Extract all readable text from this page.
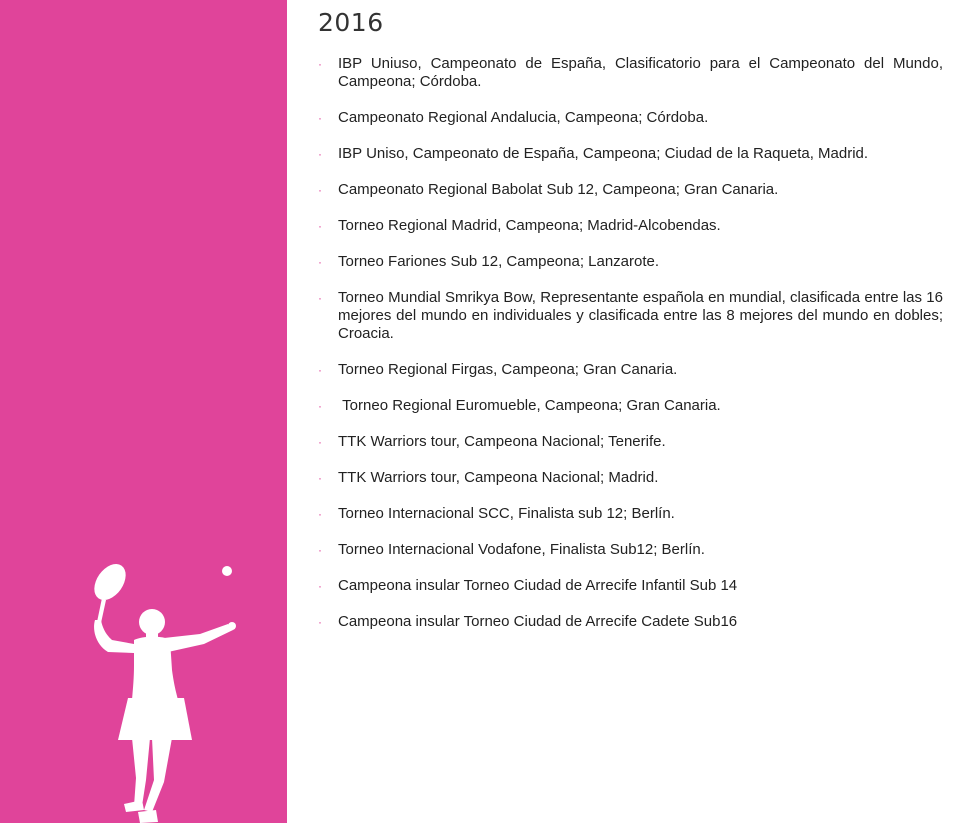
2016
· IBP Uniuso, Campeonato de España, Clasificatorio para el Campeonato del Mundo, Campeona; Córdoba.
· Campeonato Regional Andalucia, Campeona; Córdoba.
· IBP Uniso, Campeonato de España, Campeona; Ciudad de la Raqueta, Madrid.
· Campeonato Regional Babolat Sub 12, Campeona; Gran Canaria.
· Torneo Regional Madrid, Campeona; Madrid-Alcobendas.
· Torneo Fariones Sub 12, Campeona; Lanzarote.
· Torneo Mundial Smrikya Bow, Representante española en mundial, clasificada entre las 16 mejores del mundo en individuales y clasificada entre las 8 mejores del mundo en dobles; Croacia.
· Torneo Regional Firgas, Campeona; Gran Canaria.
· Torneo Regional Euromueble, Campeona; Gran Canaria.
· TTK Warriors tour, Campeona Nacional; Tenerife.
· TTK Warriors tour, Campeona Nacional; Madrid.
· Torneo Internacional SCC, Finalista sub 12; Berlín.
· Torneo Internacional Vodafone, Finalista Sub12; Berlín.
· Campeona insular Torneo Ciudad de Arrecife Infantil Sub 14
· Campeona insular Torneo Ciudad de Arrecife Cadete Sub16
